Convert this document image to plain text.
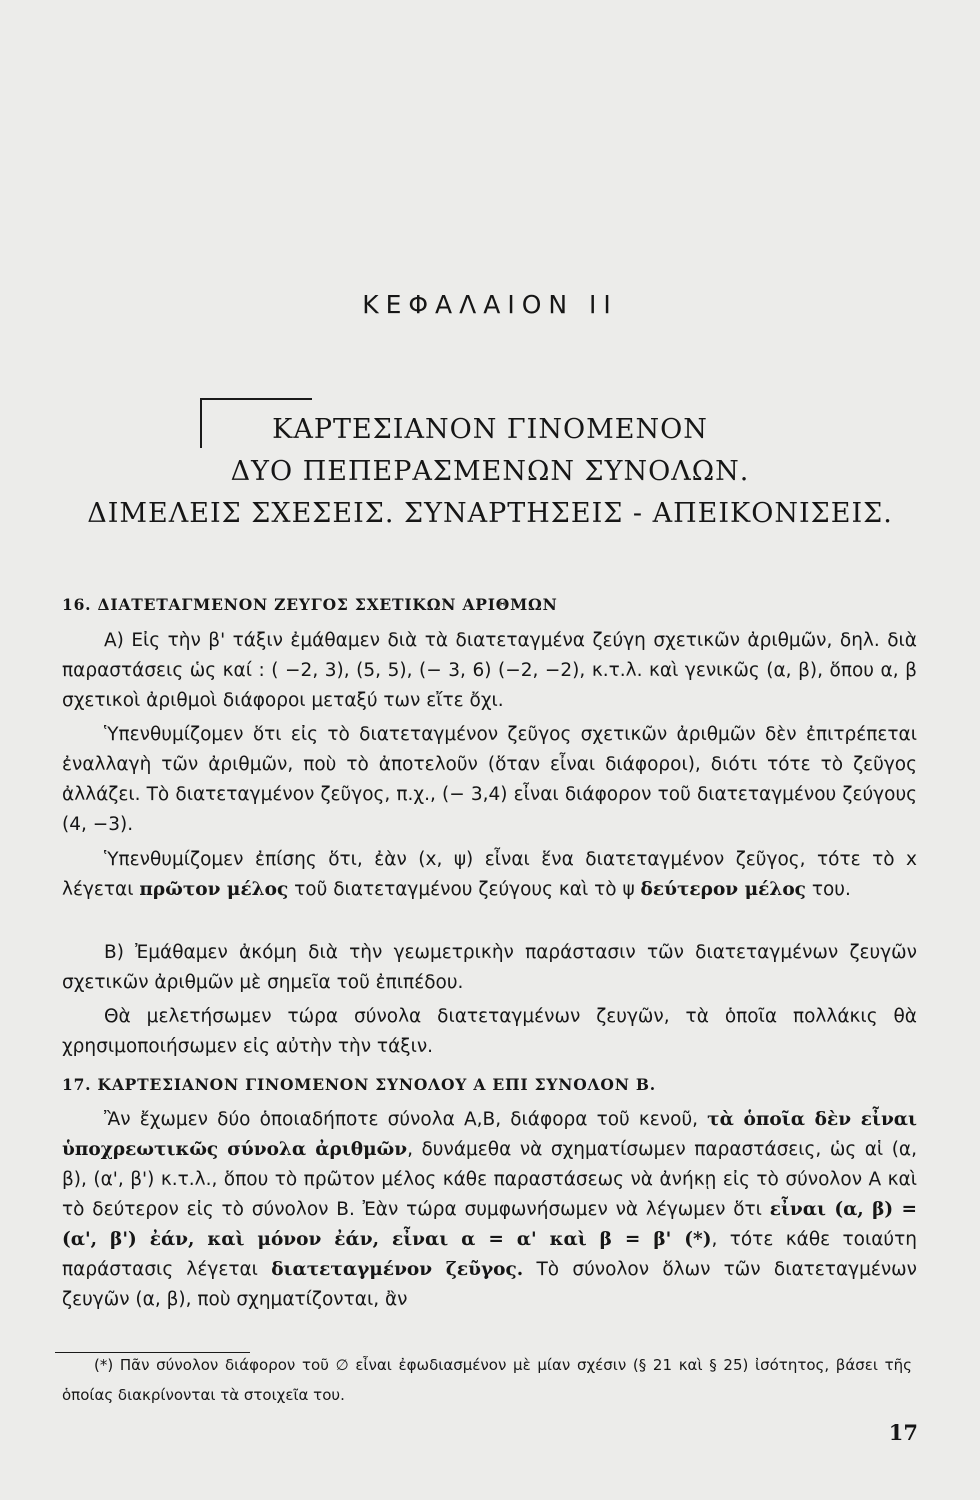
ΚΕΦΑΛΑΙΟΝ ΙΙ
ΚΑΡΤΕΣΙΑΝΟΝ ΓΙΝΟΜΕΝΟΝ
ΔΥΟ ΠΕΠΕΡΑΣΜΕΝΩΝ ΣΥΝΟΛΩΝ.
ΔΙΜΕΛΕΙΣ ΣΧΕΣΕΙΣ. ΣΥΝΑΡΤΗΣΕΙΣ - ΑΠΕΙΚΟΝΙΣΕΙΣ.
16. ΔΙΑΤΕΤΑΓΜΕΝΟΝ ΖΕΥΓΟΣ ΣΧΕΤΙΚΩΝ ΑΡΙΘΜΩΝ
Α) Εἰς τὴν β' τάξιν ἐμάθαμεν διὰ τὰ διατεταγμένα ζεύγη σχετικῶν ἀριθμῶν, δηλ. διὰ παραστάσεις ὡς καί : ( −2, 3), (5, 5), (− 3, 6) (−2, −2), κ.τ.λ. καὶ γενικῶς (α, β), ὅπου α, β σχετικοὶ ἀριθμοὶ διάφοροι μεταξύ των εἴτε ὄχι.
Ὑπενθυμίζομεν ὅτι εἰς τὸ διατεταγμένον ζεῦγος σχετικῶν ἀριθμῶν δὲν ἐπιτρέπεται ἐναλλαγὴ τῶν ἀριθμῶν, ποὺ τὸ ἀποτελοῦν (ὅταν εἶναι διάφοροι), διότι τότε τὸ ζεῦγος ἀλλάζει. Τὸ διατεταγμένον ζεῦγος, π.χ., (− 3,4) εἶναι διάφορον τοῦ διατεταγμένου ζεύγους (4, −3).
Ὑπενθυμίζομεν ἐπίσης ὅτι, ἐὰν (x, ψ) εἶναι ἕνα διατεταγμένον ζεῦγος, τότε τὸ x λέγεται πρῶτον μέλος τοῦ διατεταγμένου ζεύγους καὶ τὸ ψ δεύτερον μέλος του.
Β) Ἐμάθαμεν ἀκόμη διὰ τὴν γεωμετρικὴν παράστασιν τῶν διατεταγμένων ζευγῶν σχετικῶν ἀριθμῶν μὲ σημεῖα τοῦ ἐπιπέδου.
Θὰ μελετήσωμεν τώρα σύνολα διατεταγμένων ζευγῶν, τὰ ὁποῖα πολλάκις θὰ χρησιμοποιήσωμεν εἰς αὐτὴν τὴν τάξιν.
17. ΚΑΡΤΕΣΙΑΝΟΝ ΓΙΝΟΜΕΝΟΝ ΣΥΝΟΛΟΥ Α ΕΠΙ ΣΥΝΟΛΟΝ Β.
Ἂν ἔχωμεν δύο ὁποιαδήποτε σύνολα Α,Β, διάφορα τοῦ κενοῦ, τὰ ὁποῖα δὲν εἶναι ὑποχρεωτικῶς σύνολα ἀριθμῶν, δυνάμεθα νὰ σχηματίσωμεν παραστάσεις, ὡς αἱ (α, β), (α', β') κ.τ.λ., ὅπου τὸ πρῶτον μέλος κάθε παραστάσεως νὰ ἀνήκῃ εἰς τὸ σύνολον Α καὶ τὸ δεύτερον εἰς τὸ σύνολον Β. Ἐὰν τώρα συμφωνήσωμεν νὰ λέγωμεν ὅτι εἶναι (α, β) = (α', β') ἐάν, καὶ μόνον ἐάν, εἶναι α = α' καὶ β = β' (*), τότε κάθε τοιαύτη παράστασις λέγεται διατεταγμένον ζεῦγος. Τὸ σύνολον ὅλων τῶν διατεταγμένων ζευγῶν (α, β), ποὺ σχηματίζονται, ἂν
(*) Πᾶν σύνολον διάφορον τοῦ ∅ εἶναι ἐφωδιασμένον μὲ μίαν σχέσιν (§ 21 καὶ § 25) ἰσότητος, βάσει τῆς ὁποίας διακρίνονται τὰ στοιχεῖα του.
17
